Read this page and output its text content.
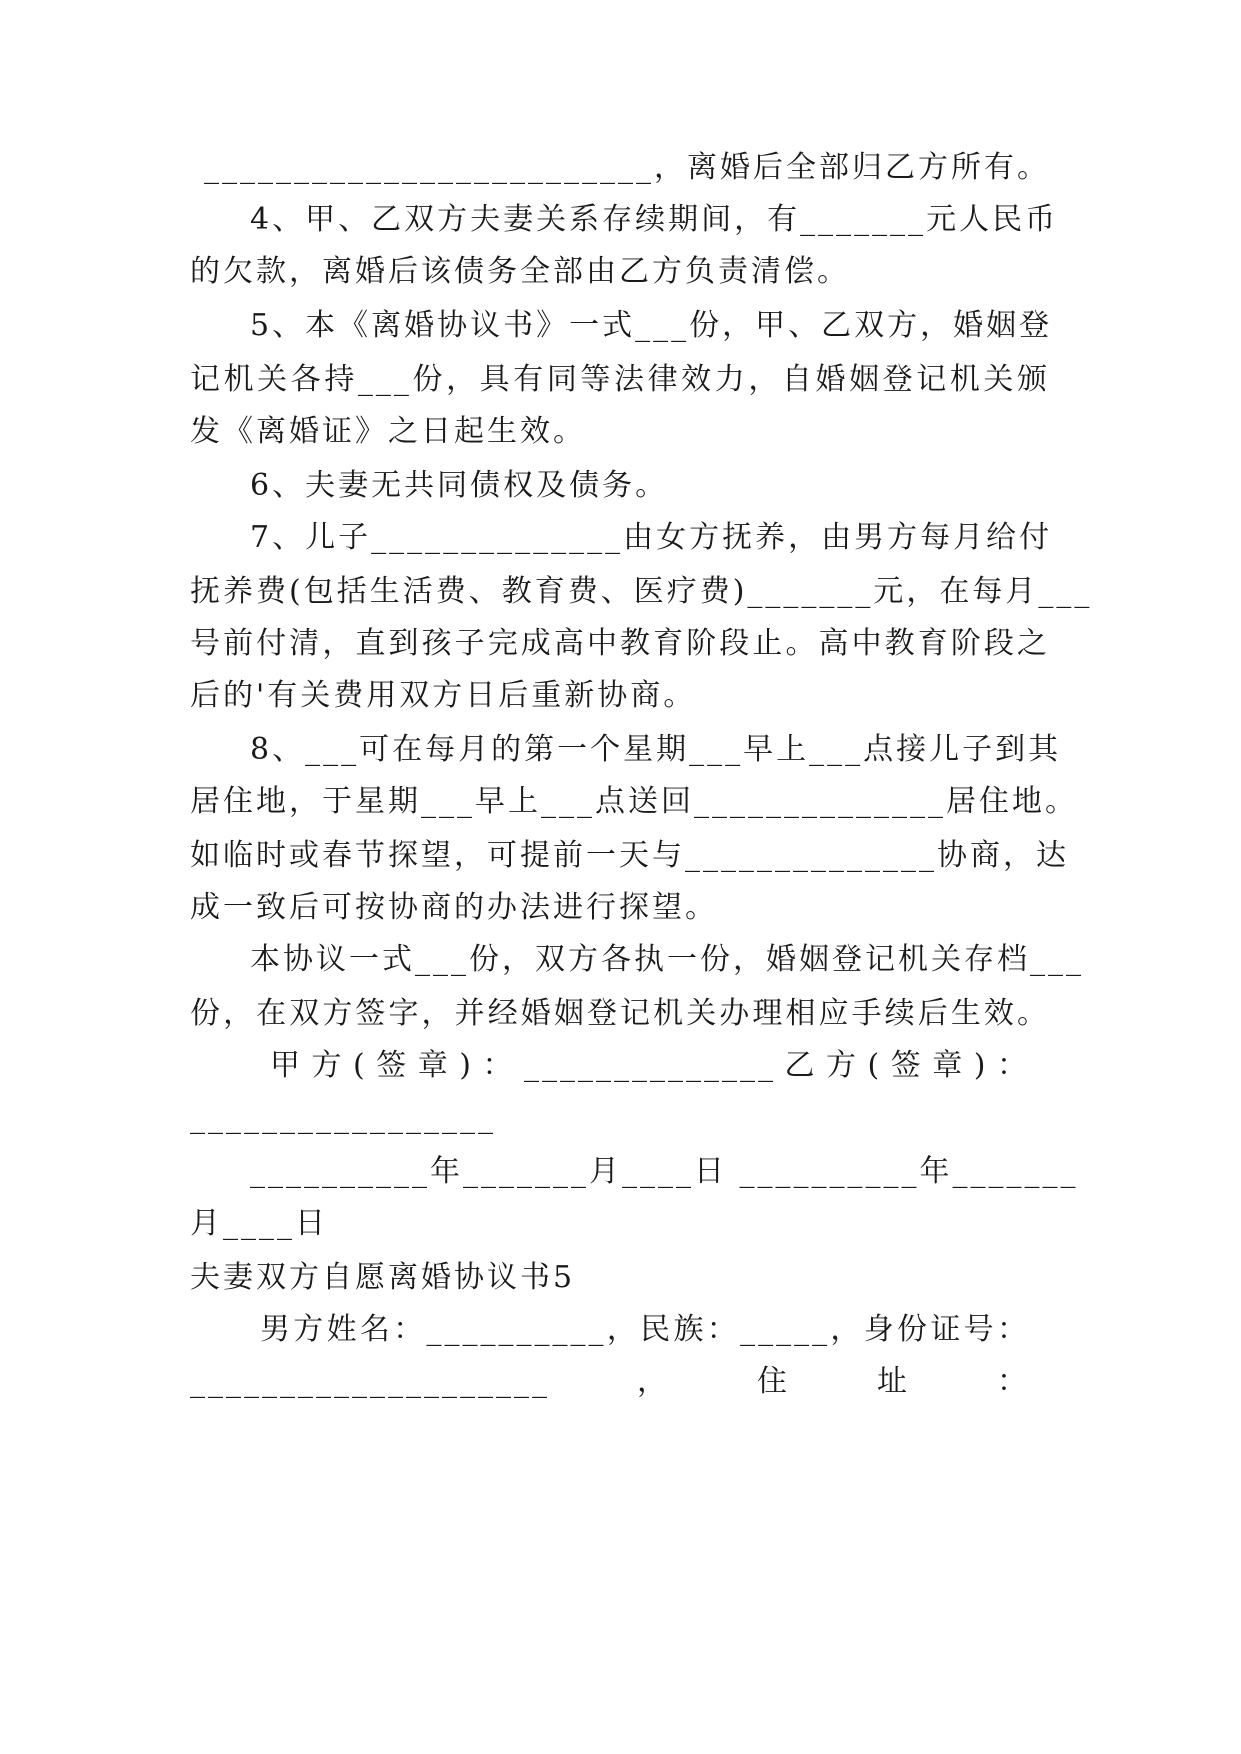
_________________________，离婚后全部归乙方所有。
4、甲、乙双方夫妻关系存续期间，有_______元人民币
的欠款，离婚后该债务全部由乙方负责清偿。
5、本《离婚协议书》一式___份，甲、乙双方，婚姻登
记机关各持___份，具有同等法律效力，自婚姻登记机关颁
发《离婚证》之日起生效。
6、夫妻无共同债权及债务。
7、儿子______________由女方抚养，由男方每月给付
抚养费(包括生活费、教育费、医疗费)_______元，在每月___
号前付清，直到孩子完成高中教育阶段止。高中教育阶段之
后的'有关费用双方日后重新协商。
8、___可在每月的第一个星期___早上___点接儿子到其
居住地，于星期___早上___点送回______________居住地。
如临时或春节探望，可提前一天与______________协商，达
成一致后可按协商的办法进行探望。
本协议一式___份，双方各执一份，婚姻登记机关存档___
份，在双方签字，并经婚姻登记机关办理相应手续后生效。
甲方(签章)：______________乙方(签章)：
_________________
__________年_______月____日 __________年_______
月____日
夫妻双方自愿离婚协议书5
男方姓名：__________，民族：_____，身份证号：
____________________，住址：
